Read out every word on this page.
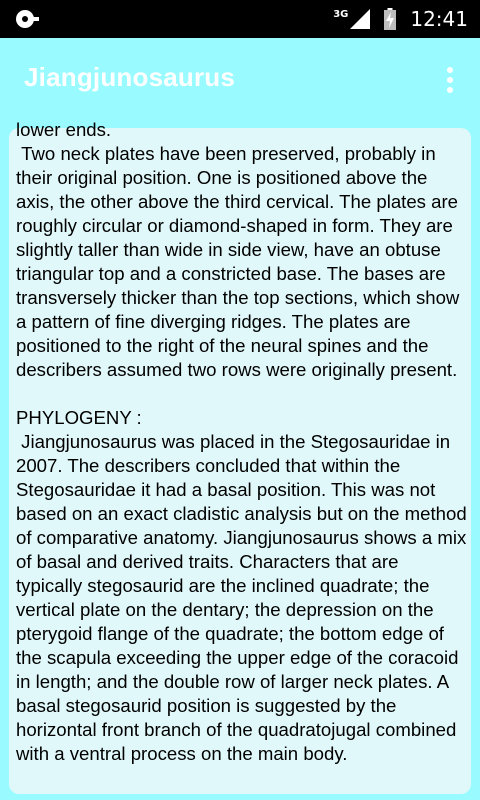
3G	12:41
Jiangjunosaurus

lower ends.
Two neck plates have been preserved, probably in their original position. One is positioned above the axis, the other above the third cervical. The plates are roughly circular or diamond-shaped in form. They are slightly taller than wide in side view, have an obtuse triangular top and a constricted base. The bases are transversely thicker than the top sections, which show a pattern of fine diverging ridges. The plates are positioned to the right of the neural spines and the describers assumed two rows were originally present.

PHYLOGENY :
Jiangjunosaurus was placed in the Stegosauridae in 2007. The describers concluded that within the Stegosauridae it had a basal position. This was not based on an exact cladistic analysis but on the method of comparative anatomy. Jiangjunosaurus shows a mix of basal and derived traits. Characters that are typically stegosaurid are the inclined quadrate; the vertical plate on the dentary; the depression on the pterygoid flange of the quadrate; the bottom edge of the scapula exceeding the upper edge of the coracoid in length; and the double row of larger neck plates. A basal stegosaurid position is suggested by the horizontal front branch of the quadratojugal combined with a ventral process on the main body.
